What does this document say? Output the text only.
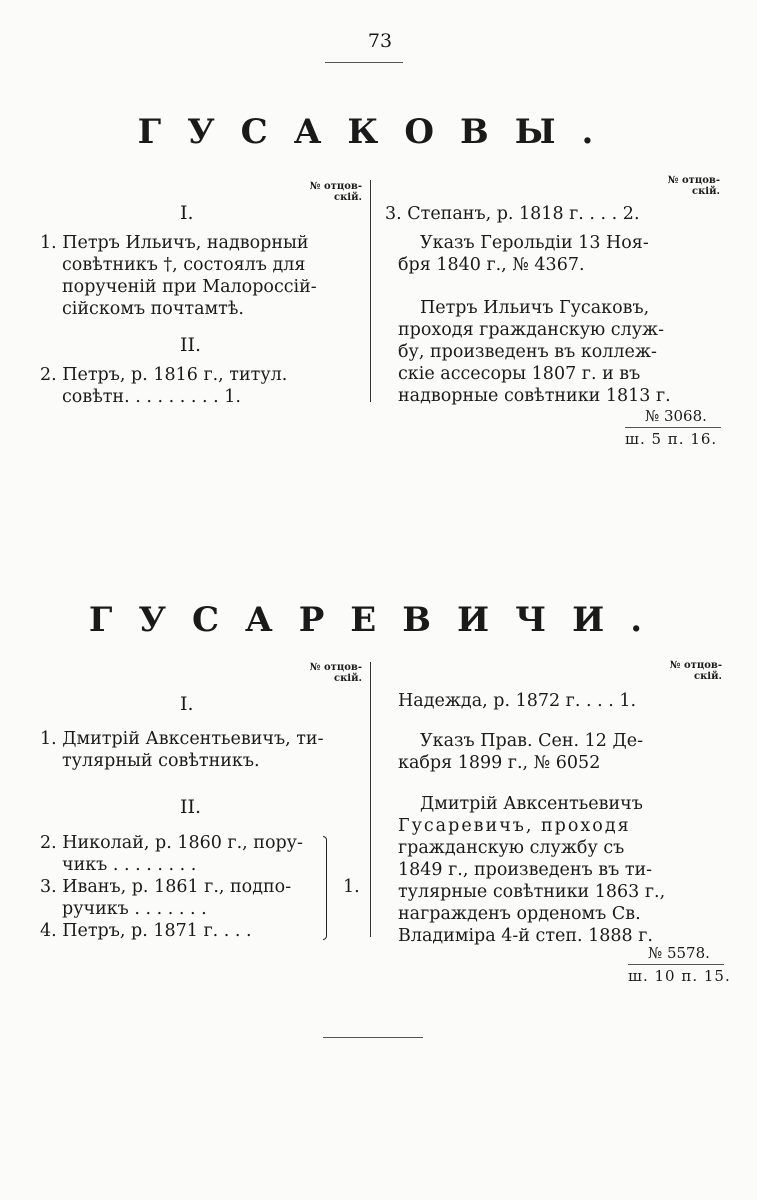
73
ГУСАКОВЫ.
№ отцов-
скій.
I.
1. Петръ Ильичъ, надворный
совѣтникъ †, состоялъ для
порученій при Малороссій-
сійскомъ почтамтѣ.
II.
2. Петръ, р. 1816 г., титул.
совѣтн. . . . . . . . . 1.
№ отцов-
скій.
3. Степанъ, р. 1818 г. . . . 2.
Указъ Герольдіи 13 Ноя-
бря 1840 г., № 4367.
Петръ Ильичъ Гусаковъ,
проходя гражданскую служ-
бу, произведенъ въ коллеж-
скіе ассесоры 1807 г. и въ
надворные совѣтники 1813 г.
№ 3068.
ш. 5 п. 16.
ГУСАРЕВИЧИ.
№ отцов-
скій.
I.
1. Дмитрій Авксентьевичъ, ти-
тулярный совѣтникъ.
II.
2. Николай, р. 1860 г., пору-
чикъ . . . . . . . .
3. Иванъ, р. 1861 г., подпо-
ручикъ . . . . . . .
4. Петръ, р. 1871 г. . . .
1.
№ отцов-
скій.
Надежда, р. 1872 г. . . . 1.
Указъ Прав. Сен. 12 Де-
кабря 1899 г., № 6052
Дмитрій Авксентьевичъ
Гусаревичъ, проходя
гражданскую службу съ
1849 г., произведенъ въ ти-
тулярные совѣтники 1863 г.,
награжденъ орденомъ Св.
Владиміра 4-й степ. 1888 г.
№ 5578.
ш. 10 п. 15.
